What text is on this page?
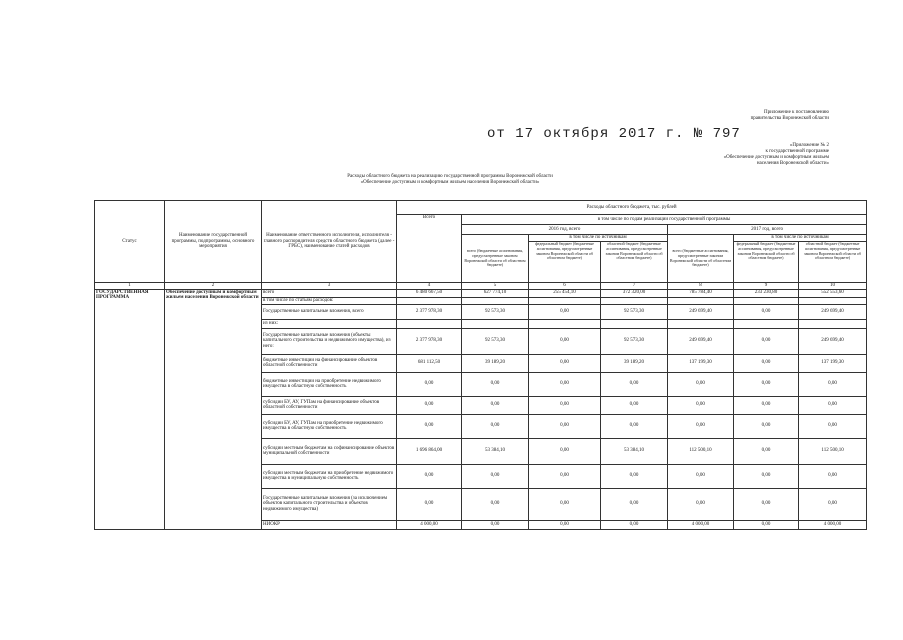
Приложение к постановлению
правительства Воронежской области
от 17 октября 2017 г. № 797
«Приложение № 2
к государственной программе
«Обеспечение доступным и комфортным жильем
населения Воронежской области»
Расходы областного бюджета на реализацию государственной программы Воронежской области
«Обеспечение доступным и комфортным жильем населения Воронежской области»
Статус	Наименование государственной программы, подпрограммы, основного мероприятия	Наименование ответственного исполнителя, исполнителя - главного распорядителя средств областного бюджета (далее - ГРБС), наименование статей расходов	Расходы областного бюджета, тыс. рублей						
			Всего	в том числе по годам реализации государственной программы					
				2016 год, всего			2017 год, всего		
				всего (бюджетные ассигнования, предусмотренные законом Воронежской области об областном бюджете)	в том числе по источникам		всего (бюджетные ассигнования, предусмотренные законом Воронежской области об областном бюджете)	в том числе по источникам	
					федеральный бюджет (бюджетные ассигнования, предусмотренные законом Воронежской области об областном бюджете)	областной бюджет (бюджетные ассигнования, предусмотренные законом Воронежской области об областном бюджете)		федеральный бюджет (бюджетные ассигнования, предусмотренные законом Воронежской области об областном бюджете)	областной бюджет (бюджетные ассигнования, предусмотренные законом Воронежской области об областном бюджете)
1	2	3	4	5	6	7	8	9	10
ГОСУДАРСТВЕННАЯ ПРОГРАММА	Обеспечение доступным и комфортным жильем населения Воронежской области	всего	6 480 667,50	627 774,10	255 454,10	372 320,00	785 784,40	233 230,80	552 553,60
		в том числе по статьям расходов:							
		Государственные капитальные вложения, всего	2 377 978,30	92 573,30	0,00	92 573,30	249 699,40	0,00	249 699,40
		из них:							
		Государственные капитальные вложения (объекты капитального строительства и недвижимого имущества), из него:	2 377 978,30	92 573,30	0,00	92 573,30	249 699,40	0,00	249 699,40
		бюджетные инвестиции на финансирование объектов областной собственности	681 112,50	39 189,20	0,00	39 189,20	137 199,30	0,00	137 199,30
		бюджетные инвестиции на приобретение недвижимого имущества в областную собственность	0,00	0,00	0,00	0,00	0,00	0,00	0,00
		субсидии БУ, АУ, ГУПам на финансирование объектов областной собственности	0,00	0,00	0,00	0,00	0,00	0,00	0,00
		субсидии БУ, АУ, ГУПам на приобретение недвижимого имущества в областную собственность	0,00	0,00	0,00	0,00	0,00	0,00	0,00
		субсидии местным бюджетам на софинансирование объектов муниципальной собственности	1 696 864,00	53 384,10	0,00	53 384,10	112 500,10	0,00	112 500,10
		субсидии местным бюджетам на приобретение недвижимого имущества в муниципальную собственность	0,00	0,00	0,00	0,00	0,00	0,00	0,00
		Государственные капитальные вложения (за исключением объектов капитального строительства и объектов недвижимого имущества)	0,00	0,00	0,00	0,00	0,00	0,00	0,00
		НИОКР	4 000,00	0,00	0,00	0,00	4 000,00	0,00	4 000,00
